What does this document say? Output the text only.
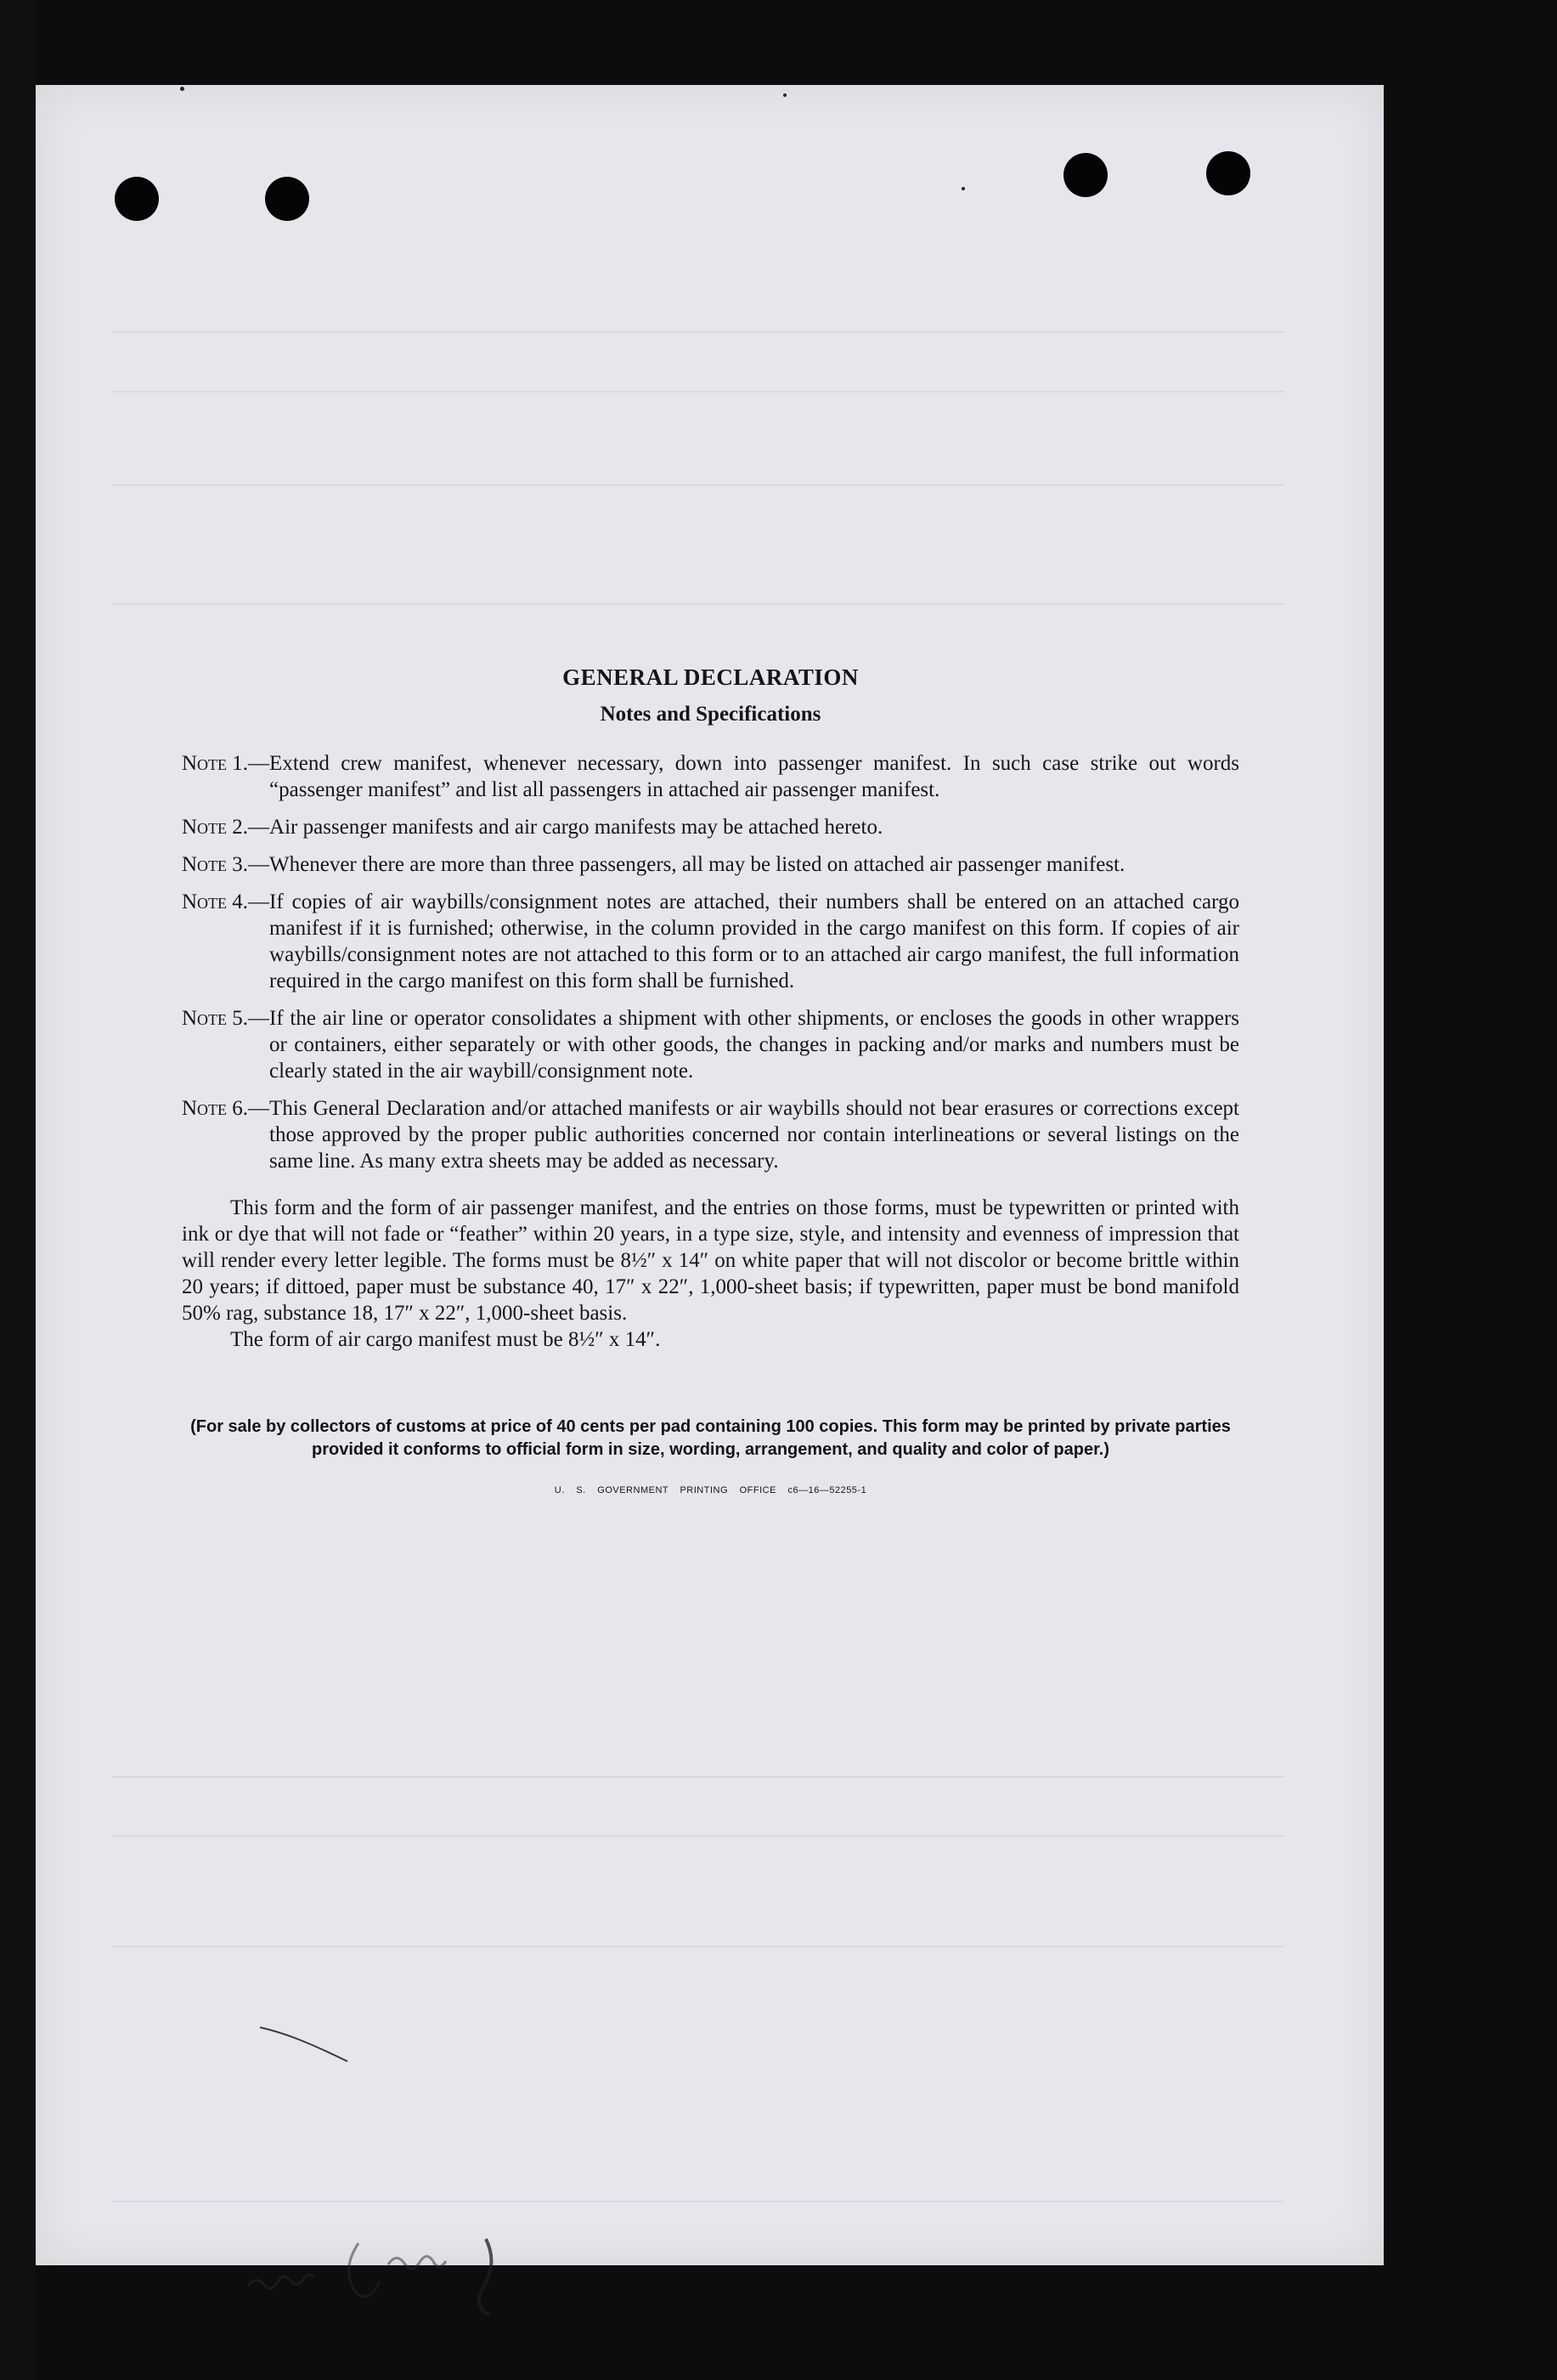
GENERAL DECLARATION
Notes and Specifications
Note 1. — Extend crew manifest, whenever necessary, down into passenger manifest. In such case strike out words “passenger manifest” and list all passengers in attached air passenger manifest.
Note 2. — Air passenger manifests and air cargo manifests may be attached hereto.
Note 3. — Whenever there are more than three passengers, all may be listed on attached air passenger manifest.
Note 4. — If copies of air waybills/consignment notes are attached, their numbers shall be entered on an attached cargo manifest if it is furnished; otherwise, in the column provided in the cargo manifest on this form. If copies of air waybills/consignment notes are not attached to this form or to an attached air cargo manifest, the full information required in the cargo manifest on this form shall be furnished.
Note 5. — If the air line or operator consolidates a shipment with other shipments, or encloses the goods in other wrappers or containers, either separately or with other goods, the changes in packing and/or marks and numbers must be clearly stated in the air waybill/consignment note.
Note 6. — This General Declaration and/or attached manifests or air waybills should not bear erasures or corrections except those approved by the proper public authorities concerned nor contain interlineations or several listings on the same line. As many extra sheets may be added as necessary.
This form and the form of air passenger manifest, and the entries on those forms, must be typewritten or printed with ink or dye that will not fade or “feather” within 20 years, in a type size, style, and intensity and evenness of impression that will render every letter legible. The forms must be 8½″ x 14″ on white paper that will not discolor or become brittle within 20 years; if dittoed, paper must be substance 40, 17″ x 22″, 1,000-sheet basis; if typewritten, paper must be bond manifold 50% rag, substance 18, 17″ x 22″, 1,000-sheet basis.
The form of air cargo manifest must be 8½″ x 14″.
(For sale by collectors of customs at price of 40 cents per pad containing 100 copies. This form may be printed by private parties provided it conforms to official form in size, wording, arrangement, and quality and color of paper.)
U. S. GOVERNMENT PRINTING OFFICE c6—16—52255-1
